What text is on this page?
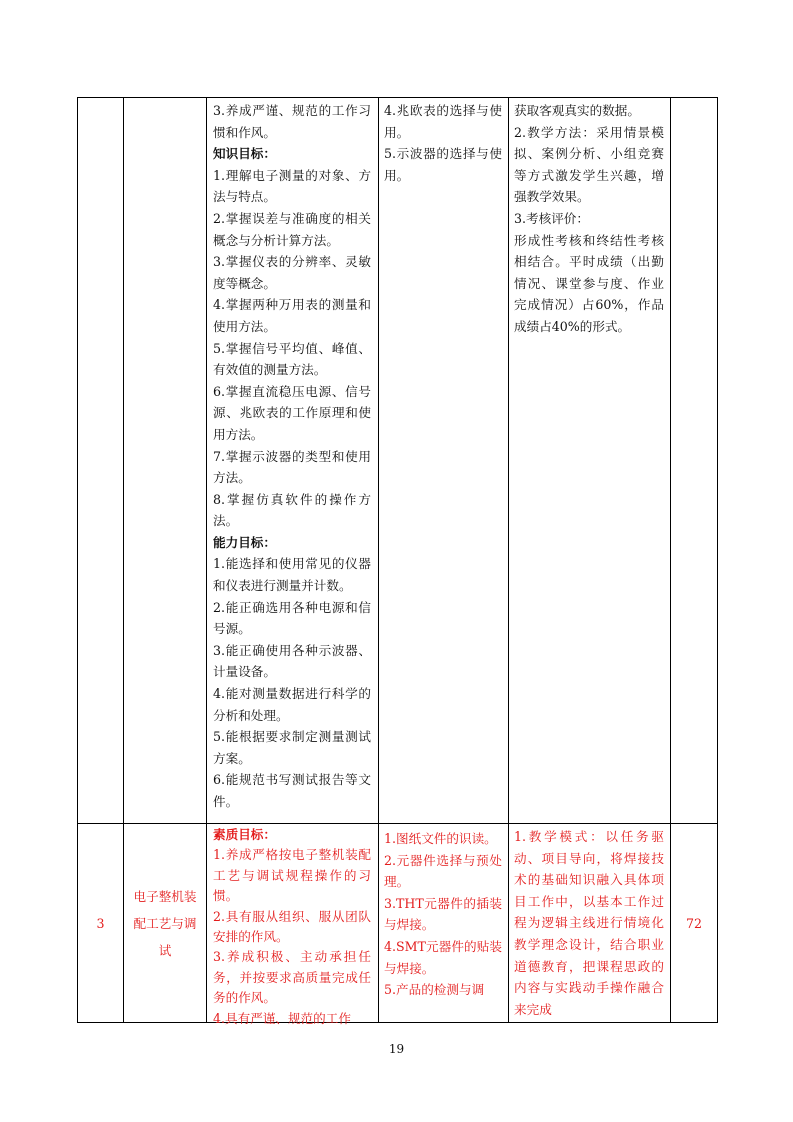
3.养成严谨、规范的工作习惯和作风。

知识目标：

1.理解电子测量的对象、方法与特点。

2.掌握误差与准确度的相关概念与分析计算方法。

3.掌握仪表的分辨率、灵敏度等概念。

4.掌握两种万用表的测量和使用方法。

5.掌握信号平均值、峰值、有效值的测量方法。

6.掌握直流稳压电源、信号源、兆欧表的工作原理和使用方法。

7.掌握示波器的类型和使用方法。

8.掌握仿真软件的操作方法。

能力目标：

1.能选择和使用常见的仪器和仪表进行测量并计数。

2.能正确选用各种电源和信号源。

3.能正确使用各种示波器、计量设备。

4.能对测量数据进行科学的分析和处理。

5.能根据要求制定测量测试方案。

6.能规范书写测试报告等文件。

4.兆欧表的选择与使用。

5.示波器的选择与使用。

获取客观真实的数据。

2.教学方法：采用情景模拟、案例分析、小组竞赛等方式激发学生兴趣，增强教学效果。

3.考核评价：

形成性考核和终结性考核相结合。平时成绩（出勤情况、课堂参与度、作业完成情况）占60%，作品成绩占40%的形式。

3
电子整机装配工艺与调试

素质目标：

1.养成严格按电子整机装配工艺与调试规程操作的习惯。

2.具有服从组织、服从团队安排的作风。

3.养成积极、主动承担任务，并按要求高质量完成任务的作风。

4.具有严谨、规范的工作

1.图纸文件的识读。

2.元器件选择与预处理。

3.THT元器件的插装与焊接。

4.SMT元器件的贴装与焊接。

5.产品的检测与调

1.教学模式：以任务驱动、项目导向，将焊接技术的基础知识融入具体项目工作中，以基本工作过程为逻辑主线进行情境化教学理念设计，结合职业道德教育，把课程思政的内容与实践动手操作融合来完成

72
19
